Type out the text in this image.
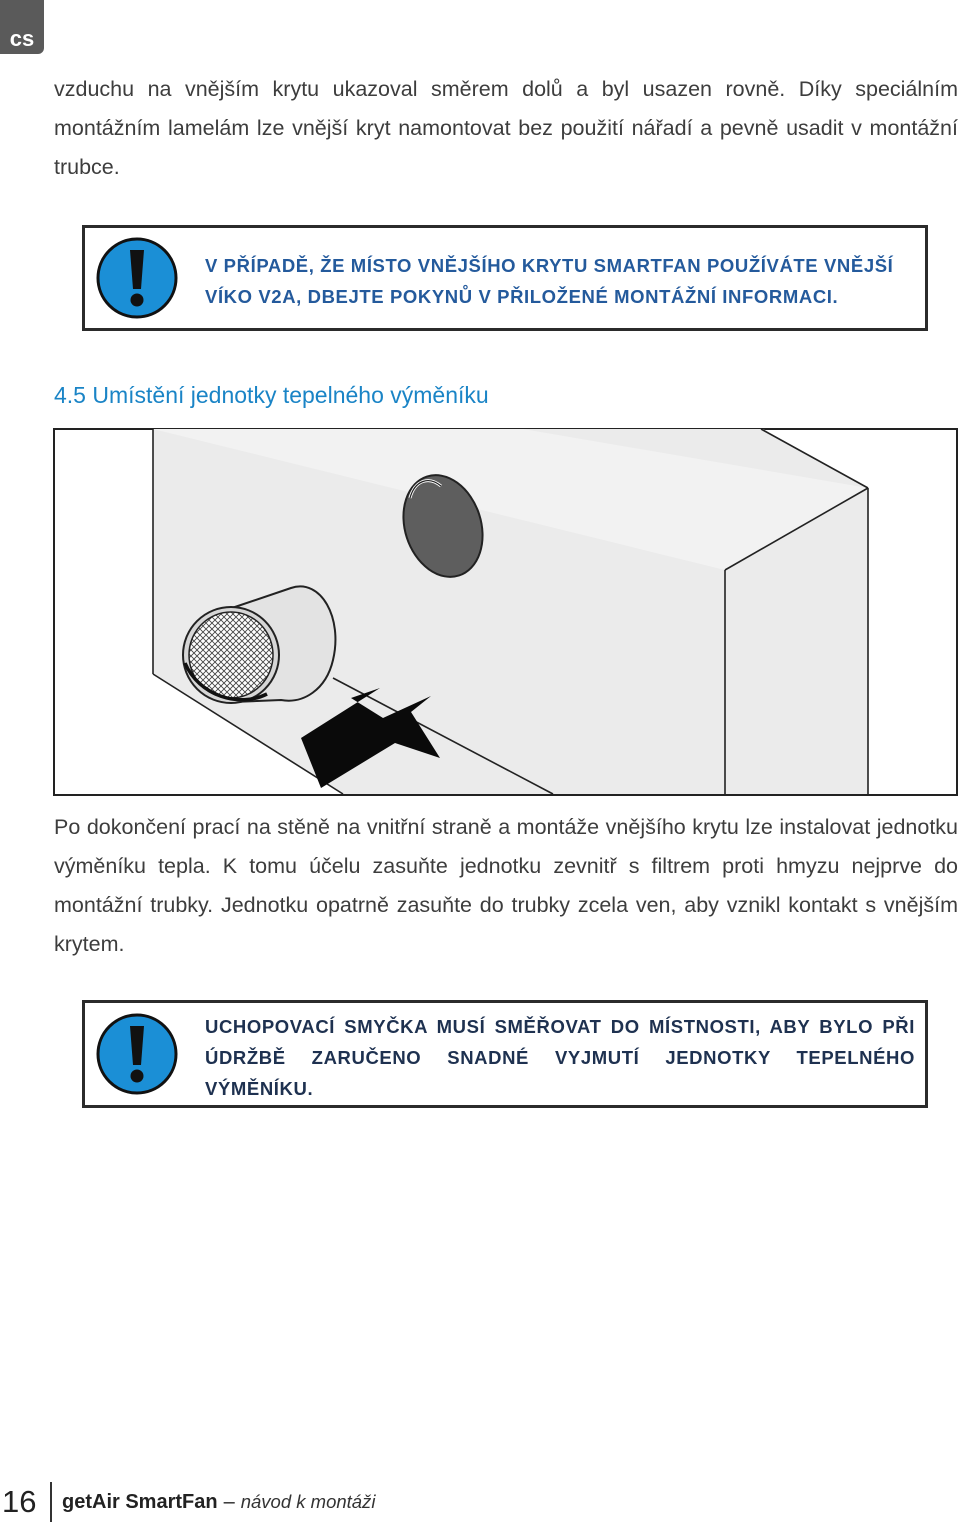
cs

vzduchu na vnějším krytu ukazoval směrem dolů a byl usazen rovně. Díky speciálním montážním lamelám lze vnější kryt namontovat bez použití nářadí a pevně usadit v montážní trubce.

V PŘÍPADĚ, ŽE MÍSTO VNĚJŠÍHO KRYTU SMARTFAN POUŽÍVÁTE VNĚJŠÍ VÍKO V2A, DBEJTE POKYNŮ V PŘILOŽENÉ MONTÁŽNÍ INFORMACI.

4.5 Umístění jednotky tepelného výměníku

Po dokončení prací na stěně na vnitřní straně a montáže vnějšího krytu lze instalovat jednotku výměníku tepla. K tomu účelu zasuňte jednotku zevnitř s filtrem proti hmyzu nejprve do montážní trubky. Jednotku opatrně zasuňte do trubky zcela ven, aby vznikl kontakt s vnějším krytem.

UCHOPOVACÍ SMYČKA MUSÍ SMĚŘOVAT DO MÍSTNOSTI, ABY BYLO PŘI ÚDRŽBĚ ZARUČENO SNADNÉ VYJMUTÍ JEDNOTKY TEPELNÉHO VÝMĚNÍKU.

16	getAir SmartFan – návod k montáži
